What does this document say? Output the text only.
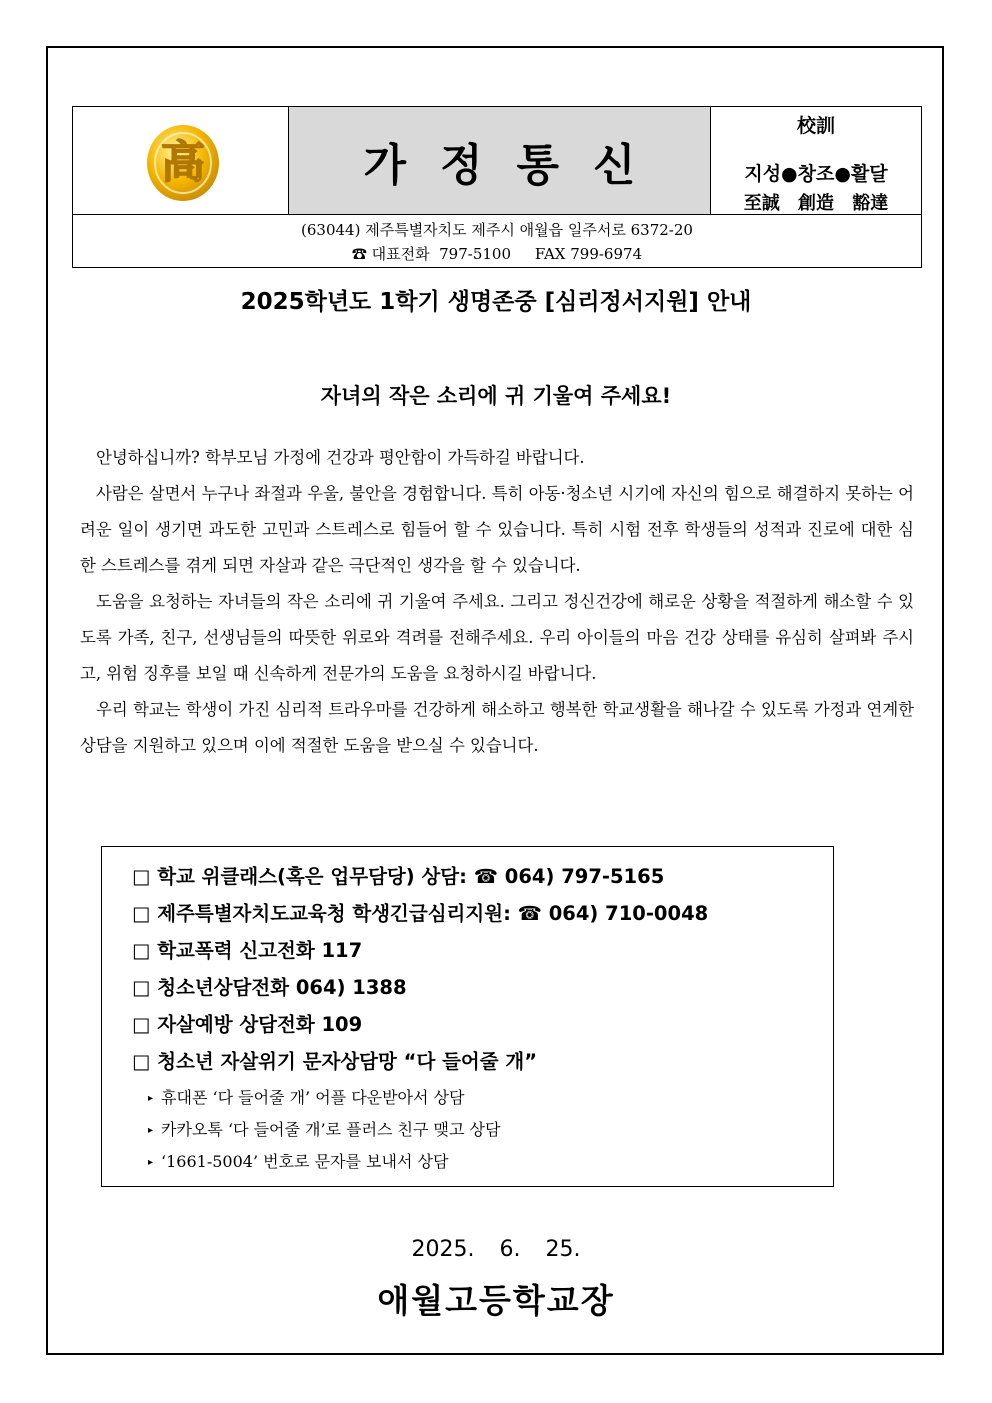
高	가정통신
校訓
지성●창조●활달
至誠 創造 豁達
(63044) 제주특별자치도 제주시 애월읍 일주서로 6372-20
☎ 대표전화  797-5100     FAX 799-6974
2025학년도 1학기 생명존중 [심리정서지원] 안내
자녀의 작은 소리에 귀 기울여 주세요!

안녕하십니까? 학부모님 가정에 건강과 평안함이 가득하길 바랍니다.

사람은 살면서 누구나 좌절과 우울, 불안을 경험합니다. 특히 아동·청소년 시기에 자신의 힘으로 해결하지 못하는 어려운 일이 생기면 과도한 고민과 스트레스로 힘들어 할 수 있습니다. 특히 시험 전후 학생들의 성적과 진로에 대한 심한 스트레스를 겪게 되면 자살과 같은 극단적인 생각을 할 수 있습니다.

도움을 요청하는 자녀들의 작은 소리에 귀 기울여 주세요. 그리고 정신건강에 해로운 상황을 적절하게 해소할 수 있도록 가족, 친구, 선생님들의 따뜻한 위로와 격려를 전해주세요. 우리 아이들의 마음 건강 상태를 유심히 살펴봐 주시고, 위험 징후를 보일 때 신속하게 전문가의 도움을 요청하시길 바랍니다.

우리 학교는 학생이 가진 심리적 트라우마를 건강하게 해소하고 행복한 학교생활을 해나갈 수 있도록 가정과 연계한 상담을 지원하고 있으며 이에 적절한 도움을 받으실 수 있습니다.

□ 학교 위클래스(혹은 업무담당) 상담: ☎ 064) 797-5165
□ 제주특별자치도교육청 학생긴급심리지원: ☎ 064) 710-0048
□ 학교폭력 신고전화 117
□ 청소년상담전화 064) 1388
□ 자살예방 상담전화 109
□ 청소년 자살위기 문자상담망 “다 들어줄 개”
▸ 휴대폰 ‘다 들어줄 개’ 어플 다운받아서 상담
▸ 카카오톡 ‘다 들어줄 개’로 플러스 친구 맺고 상담
▸ ‘1661-5004’ 번호로 문자를 보내서 상담
2025. 6. 25.
애월고등학교장
